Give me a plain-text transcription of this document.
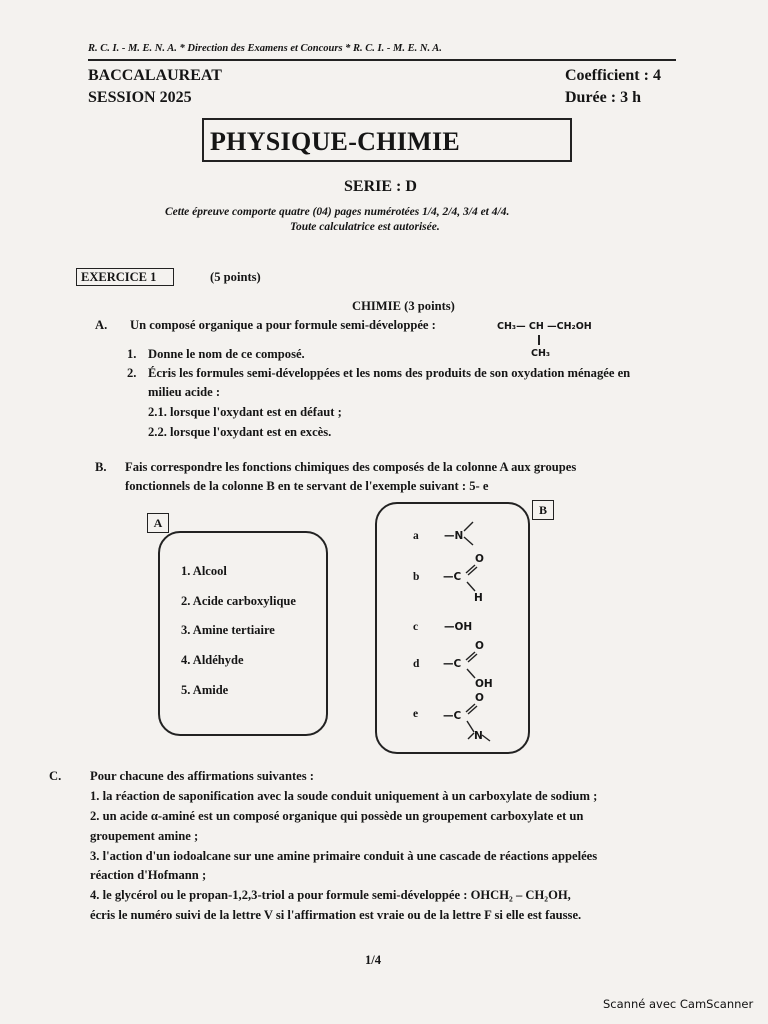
R. C. I. - M. E. N. A. * Direction des Examens et Concours * R. C. I. - M. E. N. A.
BACCALAUREAT
SESSION 2025
Coefficient : 4
Durée : 3 h
PHYSIQUE-CHIMIE
SERIE : D
Cette épreuve comporte quatre (04) pages numérotées 1/4, 2/4, 3/4 et 4/4.
Toute calculatrice est autorisée.
EXERCICE 1	(5 points)
CHIMIE (3 points)
A. Un composé organique a pour formule semi-développée :	CH₃— CH —CH₂OH
CH₃
1. Donne le nom de ce composé.
2. Écris les formules semi-développées et les noms des produits de son oxydation ménagée en
milieu acide :
2.1. lorsque l'oxydant est en défaut ;
2.2. lorsque l'oxydant est en excès.
B. Fais correspondre les fonctions chimiques des composés de la colonne A aux groupes
fonctionnels de la colonne B en te servant de l'exemple suivant : 5- e
A
1. Alcool
2. Acide carboxylique
3. Amine tertiaire
4. Aldéhyde
5. Amide
B
a —N
b —C
O
H
c —OH
d —C
O
OH
e —C
O
N
C. Pour chacune des affirmations suivantes :
1. la réaction de saponification avec la soude conduit uniquement à un carboxylate de sodium ;
2. un acide α-aminé est un composé organique qui possède un groupement carboxylate et un
groupement amine ;
3. l'action d'un iodoalcane sur une amine primaire conduit à une cascade de réactions appelées
réaction d'Hofmann ;
4. le glycérol ou le propan-1,2,3-triol a pour formule semi-développée : OHCH₂ – CH₂OH,
écris le numéro suivi de la lettre V si l'affirmation est vraie ou de la lettre F si elle est fausse.
1/4
Scanné avec CamScanner
